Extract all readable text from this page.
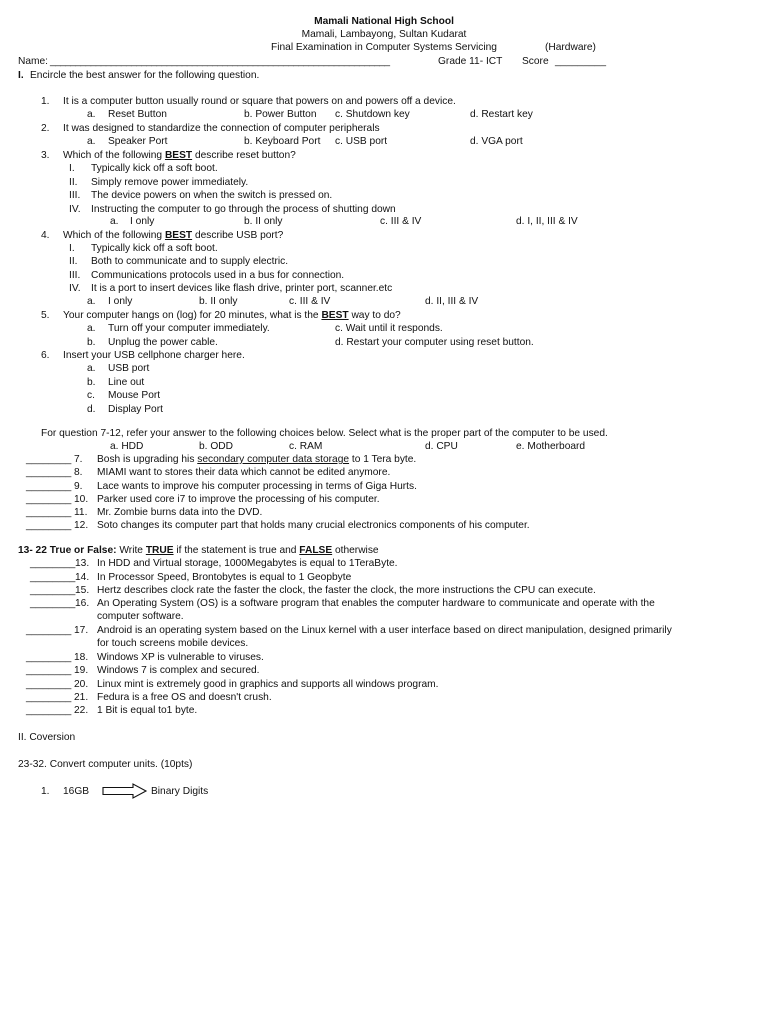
Mamali National High School
Mamali, Lambayong, Sultan Kudarat
Final Examination in Computer Systems Servicing	(Hardware)
Name: ___________________________________________________________________	Grade 11- ICT Score _________
I. Encircle the best answer for the following question.
1. It is a computer button usually round or square that powers on and powers off a device.
a. Reset Button	b. Power Button c. Shutdown key	d. Restart key
2. It was designed to standardize the connection of computer peripherals
a. Speaker Port	b. Keyboard Port c. USB port	d. VGA port
3. Which of the following BEST describe reset button?
I. Typically kick off a soft boot.
II. Simply remove power immediately.
III. The device powers on when the switch is pressed on.
IV. Instructing the computer to go through the process of shutting down
a. I only	b. II only	c. III & IV	d. I, II, III & IV
4. Which of the following BEST describe USB port?
I. Typically kick off a soft boot.
II. Both to communicate and to supply electric.
III. Communications protocols used in a bus for connection.
IV. It is a port to insert devices like flash drive, printer port, scanner.etc
a. I only	b. II only	c. III & IV	d. II, III & IV
5. Your computer hangs on (log) for 20 minutes, what is the BEST way to do?
a. Turn off your computer immediately.	c. Wait until it responds.
b. Unplug the power cable.	d. Restart your computer using reset button.
6. Insert your USB cellphone charger here.
a. USB port
b. Line out
c. Mouse Port
d. Display Port
For question 7-12, refer your answer to the following choices below. Select what is the proper part of the computer to be used.
a. HDD	b. ODD	c. RAM	d. CPU	e. Motherboard
________ 7. Bosh is upgrading his secondary computer data storage to 1 Tera byte.
________ 8. MIAMI want to stores their data which cannot be edited anymore.
________ 9. Lace wants to improve his computer processing in terms of Giga Hurts.
________ 10. Parker used core i7 to improve the processing of his computer.
________ 11. Mr. Zombie burns data into the DVD.
________ 12. Soto changes its computer part that holds many crucial electronics components of his computer.
13- 22 True or False: Write TRUE if the statement is true and FALSE otherwise
________ 13. In HDD and Virtual storage, 1000Megabytes is equal to 1TeraByte.
________ 14. In Processor Speed, Brontobytes is equal to 1 Geopbyte
________ 15. Hertz describes clock rate the faster the clock, the faster the clock, the more instructions the CPU can execute.
________ 16. An Operating System (OS) is a software program that enables the computer hardware to communicate and operate with the
computer software.
________ 17. Android is an operating system based on the Linux kernel with a user interface based on direct manipulation, designed primarily
for touch screens mobile devices.
________ 18. Windows XP is vulnerable to viruses.
________ 19. Windows 7 is complex and secured.
________ 20. Linux mint is extremely good in graphics and supports all windows program.
________ 21. Fedura is a free OS and doesn't crush.
________ 22. 1 Bit is equal to1 byte.
II. Coversion
23-32. Convert computer units. (10pts)
1. 16GB	Binary Digits
